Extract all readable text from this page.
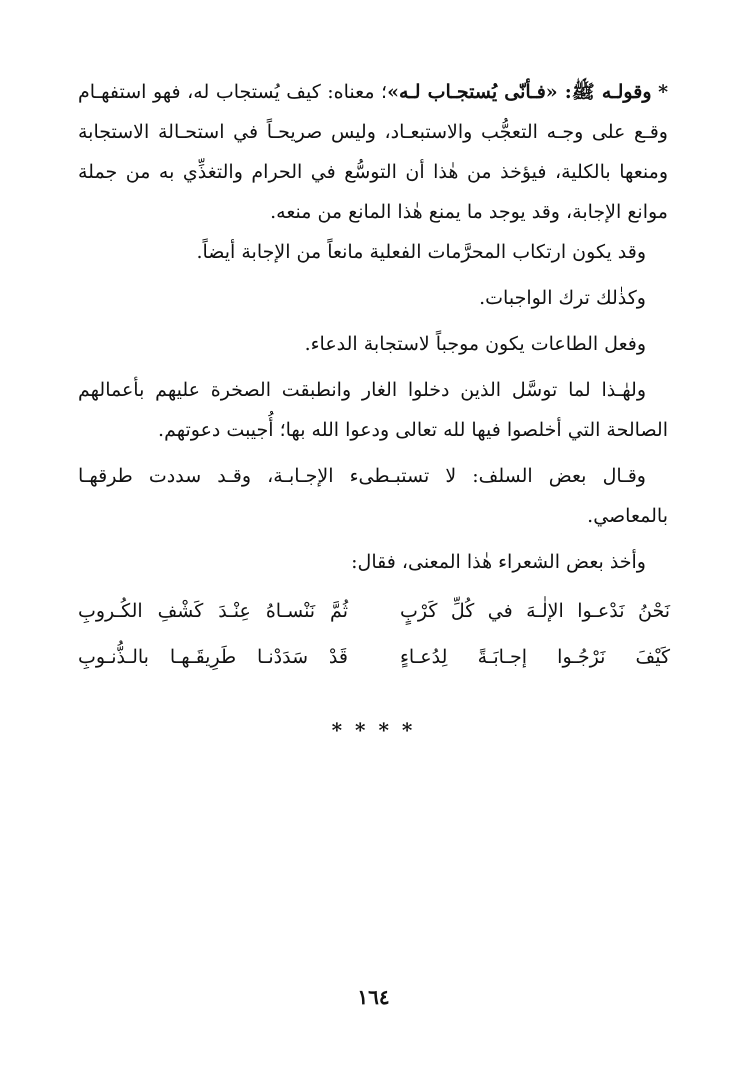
* وقولـه ﷺ: «فـأنّى يُستجـاب لـه»؛ معناه: كيف يُستجاب له، فهو استفهـام وقـع على وجـه التعجُّب والاستبعـاد، وليس صريحـاً في استحـالة الاستجابة ومنعها بالكلية، فيؤخذ من هٰذا أن التوسُّع في الحرام والتغذِّي به من جملة موانع الإجابة، وقد يوجد ما يمنع هٰذا المانع من منعه.

وقد يكون ارتكاب المحرَّمات الفعلية مانعاً من الإجابة أيضاً.

وكذٰلك ترك الواجبات.

وفعل الطاعات يكون موجباً لاستجابة الدعاء.

ولهٰـذا لما توسَّل الذين دخلوا الغار وانطبقت الصخرة عليهم بأعمالهم الصالحة التي أخلصوا فيها لله تعالى ودعوا الله بها؛ أُجيبت دعوتهم.

وقـال بعض السلف: لا تستبـطىء الإجـابـة، وقـد سددت طرقهـا بالمعاصي.

وأخذ بعض الشعراء هٰذا المعنى، فقال:

نَحْنُ نَدْعـوا الإلٰـهَ في كُلِّ كَرْبٍ
ثُمَّ نَنْسـاهُ عِنْـدَ كَشْفِ الكُـروبِ
كَيْفَ نَرْجُـوا إجـابَـةً لِدُعـاءٍ
قَدْ سَدَدْنـا طَرِيقَـهـا بالـذُّنـوبِ
* * * *
١٦٤
